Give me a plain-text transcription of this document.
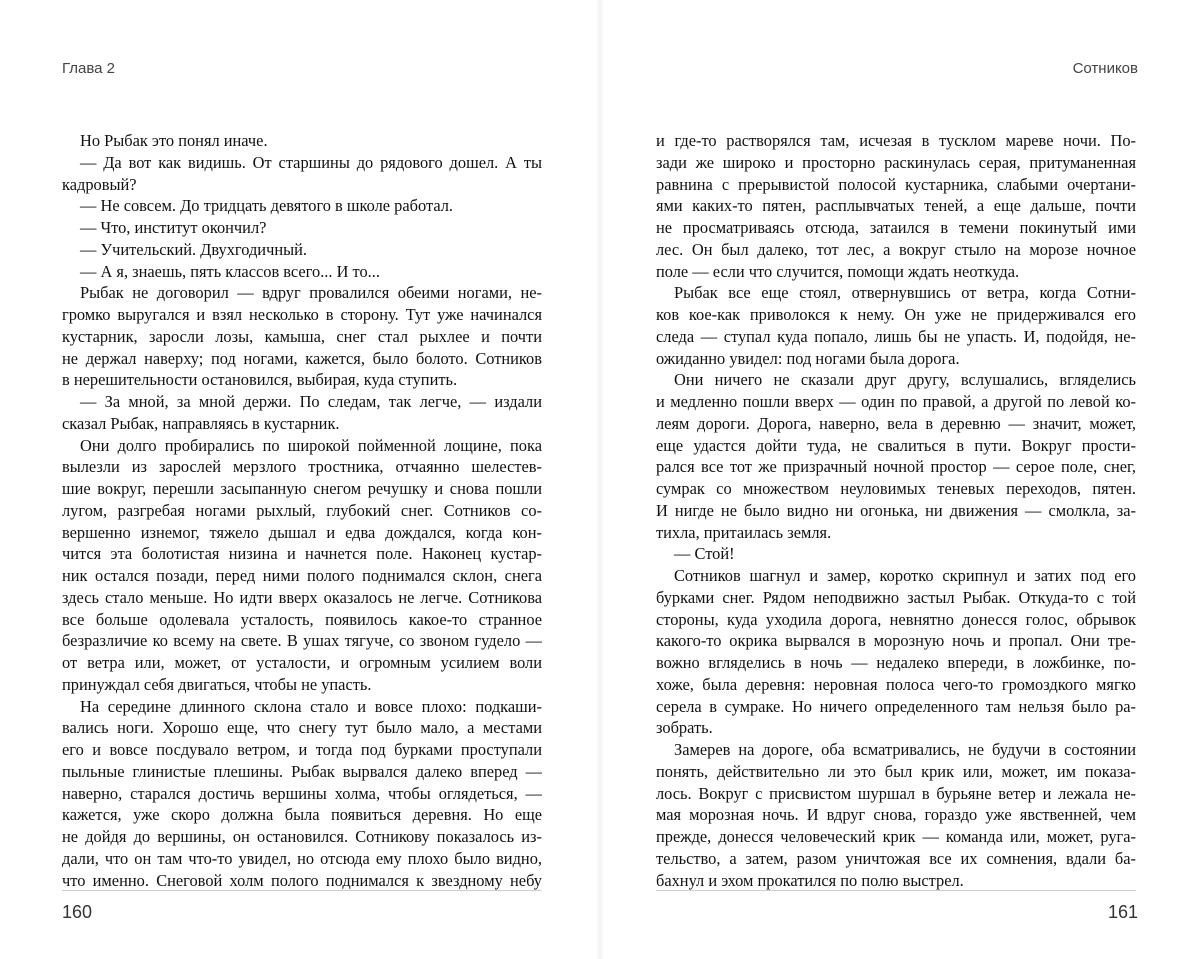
Глава 2
Но Рыбак это понял иначе.
— Да вот как видишь. От старшины до рядового дошел. А ты
кадровый?
— Не совсем. До тридцать девятого в школе работал.
— Что, институт окончил?
— Учительский. Двухгодичный.
— А я, знаешь, пять классов всего... И то...
Рыбак не договорил — вдруг провалился обеими ногами, не-
громко выругался и взял несколько в сторону. Тут уже начинался
кустарник, заросли лозы, камыша, снег стал рыхлее и почти
не держал наверху; под ногами, кажется, было болото. Сотников
в нерешительности остановился, выбирая, куда ступить.
— За мной, за мной держи. По следам, так легче, — издали
сказал Рыбак, направляясь в кустарник.
Они долго пробирались по широкой пойменной лощине, пока
вылезли из зарослей мерзлого тростника, отчаянно шелестев-
шие вокруг, перешли засыпанную снегом речушку и снова пошли
лугом, разгребая ногами рыхлый, глубокий снег. Сотников со-
вершенно изнемог, тяжело дышал и едва дождался, когда кон-
чится эта болотистая низина и начнется поле. Наконец кустар-
ник остался позади, перед ними полого поднимался склон, снега
здесь стало меньше. Но идти вверх оказалось не легче. Сотникова
все больше одолевала усталость, появилось какое-то странное
безразличие ко всему на свете. В ушах тягуче, со звоном гудело —
от ветра или, может, от усталости, и огромным усилием воли
принуждал себя двигаться, чтобы не упасть.
На середине длинного склона стало и вовсе плохо: подкаши-
вались ноги. Хорошо еще, что снегу тут было мало, а местами
его и вовсе посдувало ветром, и тогда под бурками проступали
пыльные глинистые плешины. Рыбак вырвался далеко вперед —
наверно, старался достичь вершины холма, чтобы оглядеться, —
кажется, уже скоро должна была появиться деревня. Но еще
не дойдя до вершины, он остановился. Сотникову показалось из-
дали, что он там что-то увидел, но отсюда ему плохо было видно,
что именно. Снеговой холм полого поднимался к звездному небу
160
Сотников
и где-то растворялся там, исчезая в тусклом мареве ночи. По-
зади же широко и просторно раскинулась серая, притуманенная
равнина с прерывистой полосой кустарника, слабыми очертани-
ями каких-то пятен, расплывчатых теней, а еще дальше, почти
не просматриваясь отсюда, затаился в темени покинутый ими
лес. Он был далеко, тот лес, а вокруг стыло на морозе ночное
поле — если что случится, помощи ждать неоткуда.
Рыбак все еще стоял, отвернувшись от ветра, когда Сотни-
ков кое-как приволокся к нему. Он уже не придерживался его
следа — ступал куда попало, лишь бы не упасть. И, подойдя, не-
ожиданно увидел: под ногами была дорога.
Они ничего не сказали друг другу, вслушались, вгляделись
и медленно пошли вверх — один по правой, а другой по левой ко-
леям дороги. Дорога, наверно, вела в деревню — значит, может,
еще удастся дойти туда, не свалиться в пути. Вокруг прости-
рался все тот же призрачный ночной простор — серое поле, снег,
сумрак со множеством неуловимых теневых переходов, пятен.
И нигде не было видно ни огонька, ни движения — смолкла, за-
тихла, притаилась земля.
— Стой!
Сотников шагнул и замер, коротко скрипнул и затих под его
бурками снег. Рядом неподвижно застыл Рыбак. Откуда-то с той
стороны, куда уходила дорога, невнятно донесся голос, обрывок
какого-то окрика вырвался в морозную ночь и пропал. Они тре-
вожно вгляделись в ночь — недалеко впереди, в ложбинке, по-
хоже, была деревня: неровная полоса чего-то громоздкого мягко
серела в сумраке. Но ничего определенного там нельзя было ра-
зобрать.
Замерев на дороге, оба всматривались, не будучи в состоянии
понять, действительно ли это был крик или, может, им показа-
лось. Вокруг с присвистом шуршал в бурьяне ветер и лежала не-
мая морозная ночь. И вдруг снова, гораздо уже явственней, чем
прежде, донесся человеческий крик — команда или, может, руга-
тельство, а затем, разом уничтожая все их сомнения, вдали ба-
бахнул и эхом прокатился по полю выстрел.
161
